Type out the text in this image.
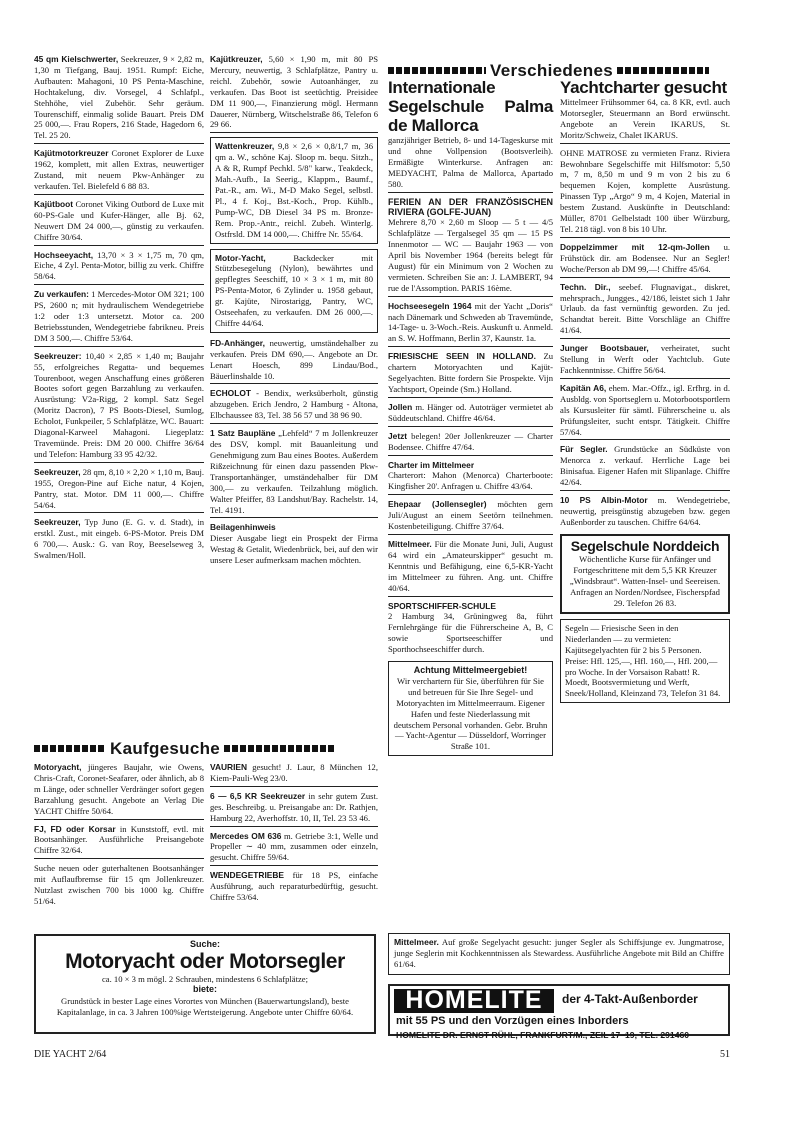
Verschiedenes
45 qm Kielschwerter, Seekreuzer, 9 × 2,82 m, 1,30 m Tiefgang, Bauj. 1951. Rumpf: Eiche, Aufbauten: Mahagoni, 10 PS Penta-Maschine, Hochtakelung, div. Vorsegel, 4 Schlafpl., Stehhöhe, viel Zubehör. Sehr geräum. Tourenschiff, einmalig solide Bauart. Preis DM 25 000,—. Frau Ropers, 216 Stade, Hagedorn 6, Tel. 25 20.
Kajütmotorkreuzer Coronet Explorer de Luxe 1962, komplett, mit allen Extras, neuwertiger Zustand, mit neuem Pkw-Anhänger zu verkaufen. Tel. Bielefeld 6 88 83.
Kajütboot Coronet Viking Outbord de Luxe mit 60-PS-Gale und Kufer-Hänger, alle Bj. 62, Neuwert DM 24 000,—, günstig zu verkaufen. Chiffre 30/64.
Hochseeyacht, 13,70 × 3 × 1,75 m, 70 qm, Eiche, 4 Zyl. Penta-Motor, billig zu verk. Chiffre 58/64.
Zu verkaufen: 1 Mercedes-Motor OM 321; 100 PS, 2600 n; mit hydraulischem Wendegetriebe 1:2 oder 1:3 untersetzt. Motor ca. 200 Betriebsstunden, Wendegetriebe fabrikneu. Preis DM 3 500,—. Chiffre 53/64.
Seekreuzer: 10,40 × 2,85 × 1,40 m; Baujahr 55, erfolgreiches Regatta- und bequemes Tourenboot, wegen Anschaffung eines größeren Bootes sofort gegen Barzahlung zu verkaufen. Ausrüstung: V2a-Rigg, 2 kompl. Satz Segel (Moritz Dacron), 7 PS Boots-Diesel, Sumlog, Echolot, Funkpeiler, 5 Schlafplätze, WC. Bauart: Diagonal-Karweel Mahagoni. Liegeplatz: Travemünde. Preis: DM 20 000. Chiffre 36/64 und Telefon: Hamburg 33 95 42/32.
Seekreuzer, 28 qm, 8,10 × 2,20 × 1,10 m, Bauj. 1955, Oregon-Pine auf Eiche natur, 4 Kojen, Pantry, stat. Motor. DM 11 000,—. Chiffre 54/64.
Seekreuzer, Typ Juno (E. G. v. d. Stadt), in erstkl. Zust., mit eingeb. 6-PS-Motor. Preis DM 6 700,—. Ausk.: G. van Roy, Beeselseweg 3, Swalmen/Holl.
Kajütkreuzer, 5,60 × 1,90 m, mit 80 PS Mercury, neuwertig, 3 Schlafplätze, Pantry u. reichl. Zubehör, sowie Autoanhänger, zu verkaufen. Das Boot ist seetüchtig. Preisidee DM 11 900,—, Finanzierung mögl. Hermann Dauerer, Nürnberg, Witschelstraße 86, Telefon 6 29 66.
Wattenkreuzer, 9,8 × 2,6 × 0,8/1,7 m, 36 qm a. W., schöne Kaj. Sloop m. bequ. Sitzh., A & R, Rumpf Pechkl. 5/8" karw., Teakdeck, Mah.-Aufb., Ia Seerig., Klappm., Baumf., Pat.-R., am. Wi., M-D Mako Segel, selbstl. Pl., 4 f. Koj., Bst.-Koch., Prop. Kühlb., Pump-WC, DB Diesel 34 PS m. Bronze-Rem. Prop.-Antr., reichl. Zubeh. Winterlg. Ostfrsld. DM 14 000,—. Chiffre Nr. 55/64.
Motor-Yacht,	Backdecker mit Stützbesegelung (Nylon), bewährtes und gepflegtes Seeschiff, 10 × 3 × 1 m, mit 80 PS-Penta-Motor, 6 Zylinder u. 1958 gebaut, gr. Kajüte, Nirostarigg, Pantry, WC, Ostseehafen, zu verkaufen. DM 26 000,—. Chiffre 44/64.
FD-Anhänger, neuwertig, umständehalber zu verkaufen. Preis DM 690,—. Angebote an Dr. Lenart Hoesch, 899 Lindau/Bod., Bäuerlinshalde 10.
ECHOLOT - Bendix, werksüberholt, günstig abzugeben. Erich Jendro, 2 Hamburg - Altona, Elbchaussee 83, Tel. 38 56 57 und 38 96 90.
1 Satz Baupläne „Lehfeld“ 7 m Jollenkreuzer des DSV, kompl. mit Bauanleitung und Genehmigung zum Bau eines Bootes. Außerdem Rißzeichnung für einen dazu passenden Pkw-Transportanhänger, umständehalber für DM 300,— zu verkaufen. Teilzahlung möglich. Walter Pfeiffer, 83 Landshut/Bay. Rachelstr. 14, Tel. 4191.
Beilagenhinweis
Dieser Ausgabe liegt ein Prospekt der Firma Westag & Getalit, Wiedenbrück, bei, auf den wir unsere Leser aufmerksam machen möchten.
Internationale Segelschule Palma de Mallorca
ganzjähriger Betrieb, 8- und 14-Tageskurse mit und ohne Vollpension (Bootsverleih). Ermäßigte Winterkurse. Anfragen an: MEDYACHT, Palma de Mallorca, Apartado 580.
FERIEN AN DER FRANZÖSISCHEN RIVIERA (GOLFE-JUAN)
Mehrere 8,70 × 2,60 m Sloop — 5 t — 4/5 Schlafplätze — Tergalsegel 35 qm — 15 PS Innenmotor — WC — Baujahr 1963 — von April bis November 1964 (bereits belegt für August) für ein Minimum von 2 Wochen zu vermieten. Schreiben Sie an: J. LAMBERT, 94 rue de l'Assomption. PARIS 16ème.
Hochseesegeln 1964 mit der Yacht „Doris“ nach Dänemark und Schweden ab Travemünde, 14-Tage- u. 3-Woch.-Reis. Auskunft u. Anmeld. an S. W. Hoffmann, Berlin 37, Kaunstr. 1a.
FRIESISCHE SEEN IN HOLLAND. Zu chartern Motoryachten und Kajüt-Segelyachten. Bitte fordern Sie Prospekte. Vijn Yachtsport, Opeinde (Sm.) Holland.
Jollen m. Hänger od. Autoträger vermietet ab Süddeutschland. Chiffre 46/64.
Jetzt belegen! 20er Jollenkreuzer — Charter Bodensee. Chiffre 47/64.
Charter im Mittelmeer
Charterort: Mahon (Menorca) Charterboote: Kingfisher 20'. Anfragen u. Chiffre 43/64.
Ehepaar (Jollensegler) möchten gern Juli/August an einem Seetörn teilnehmen. Kostenbeteiligung. Chiffre 37/64.
Mittelmeer. Für die Monate Juni, Juli, August 64 wird ein „Amateurskipper“ gesucht m. Kenntnis und Befähigung, eine 6,5-KR-Yacht im Mittelmeer zu führen. Ang. unt. Chiffre 40/64.
SPORTSCHIFFER-SCHULE
2 Hamburg 34, Grüningweg 8a, führt Fernlehrgänge für die Führerscheine A, B, C sowie Sportseeschiffer und Sporthochseeschiffer durch.
Achtung Mittelmeergebiet!
Wir verchartern für Sie, überführen für Sie und betreuen für Sie Ihre Segel- und Motoryachten im Mittelmeerraum. Eigener Hafen und feste Niederlassung mit deutschem Personal vorhanden. Gebr. Bruhn — Yacht-Agentur — Düsseldorf, Worringer Straße 101.
Yachtcharter gesucht
Mittelmeer Frühsommer 64, ca. 8 KR, evtl. auch Motorsegler, Steuermann an Bord erwünscht. Angebote an Verein IKARUS, St. Moritz/Schweiz, Chalet IKARUS.
OHNE MATROSE zu vermieten Franz. Riviera Bewohnbare Segelschiffe mit Hilfsmotor: 5,50 m, 7 m, 8,50 m und 9 m von 2 bis zu 6 bequemen Kojen, komplette Ausrüstung. Pinassen Typ „Argo“ 9 m, 4 Kojen, Material in bestem Zustand. Auskünfte in Deutschland: Müller, 8701 Gelbelstadt 100 über Würzburg, Tel. 218 tägl. von 8 bis 10 Uhr.
Doppelzimmer mit 12-qm-Jollen u. Frühstück dir. am Bodensee. Nur an Segler! Woche/Person ab DM 99,—! Chiffre 45/64.
Techn. Dir., seebef. Flugnavigat., diskret, mehrsprach., Jungges., 42/186, leistet sich 1 Jahr Urlaub. da fast vernünftig geworden. Zu jed. Schandtat bereit. Bitte Vorschläge an Chiffre 41/64.
Junger Bootsbauer, verheiratet, sucht Stellung in Werft oder Yachtclub. Gute Fachkenntnisse. Chiffre 56/64.
Kapitän A6, ehem. Mar.-Offz., igl. Erfhrg. in d. Ausbldg. von Sportseglern u. Motorbootsportlern als Kursusleiter für sämtl. Führerscheine u. als Prüfungsleiter, sucht entspr. Tätigkeit. Chiffre 57/64.
Für Segler. Grundstücke an Südküste von Menorca z. verkauf. Herrliche Lage bei Binisafua. Eigener Hafen mit Slipanlage. Chiffre 42/64.
10 PS Albin-Motor m. Wendegetriebe, neuwertig, preisgünstig abzugeben bzw. gegen Außenborder zu tauschen. Chiffre 64/64.
Segelschule Norddeich
Wöchentliche Kurse für Anfänger und Fortgeschrittene mit dem 5,5 KR Kreuzer „Windsbraut“. Watten-Insel- und Seereisen. Anfragen an Norden/Nordsee, Fischerspfad 29. Telefon 26 83.
Segeln — Friesische Seen in den Niederlanden — zu vermieten: Kajütsegelyachten für 2 bis 5 Personen. Preise: Hfl. 125,—, Hfl. 160,—, Hfl. 200,— pro Woche. In der Vorsaison Rabatt! R. Moedt, Bootsvermietung und Werft, Sneek/Holland, Kleinzand 73, Telefon 31 84.
Kaufgesuche
Motoryacht, jüngeres Baujahr, wie Owens, Chris-Craft, Coronet-Seafarer, oder ähnlich, ab 8 m Länge, oder schneller Verdränger sofort gegen Barzahlung gesucht. Angebote an Verlag Die YACHT Chiffre 50/64.
FJ, FD oder Korsar in Kunststoff, evtl. mit Bootsanhänger. Ausführliche Preisangebote Chiffre 32/64.
Suche neuen oder guterhaltenen Bootsanhänger mit Auflaufbremse für 15 qm Jollenkreuzer. Nutzlast zwischen 700 bis 1000 kg. Chiffre 51/64.
VAURIEN gesucht! J. Laur, 8 München 12, Kiem-Pauli-Weg 23/0.
6 — 6,5 KR Seekreuzer in sehr gutem Zust. ges. Beschreibg. u. Preisangabe an: Dr. Rathjen, Hamburg 22, Averhoffstr. 10, II, Tel. 23 53 46.
Mercedes OM 636 m. Getriebe 3:1, Welle und Propeller ∼ 40 mm, zusammen oder einzeln, gesucht. Chiffre 59/64.
WENDEGETRIEBE für 18 PS, einfache Ausführung, auch reparaturbedürftig, gesucht. Chiffre 53/64.
Suche:
Motoryacht oder Motorsegler
ca. 10 × 3 m mögl. 2 Schrauben, mindestens 6 Schlafplätze;
biete:
Grundstück in bester Lage eines Vorortes von München (Bauerwartungsland), beste Kapitalanlage, in ca. 3 Jahren 100%ige Wertsteigerung. Angebote unter Chiffre 60/64.
Mittelmeer. Auf große Segelyacht gesucht: junger Segler als Schiffsjunge ev. Jungmatrose, junge Seglerin mit Kochkenntnissen als Stewardess. Ausführliche Angebote mit Bild an Chiffre 61/64.
HOMELITE	der 4-Takt-Außenborder
mit 55 PS und den Vorzügen eines Inborders
HOMELITE DR. ERNST RÜHL, FRANKFURT/M., ZEIL 17–19, TEL. 291460
DIE YACHT 2/64	51
